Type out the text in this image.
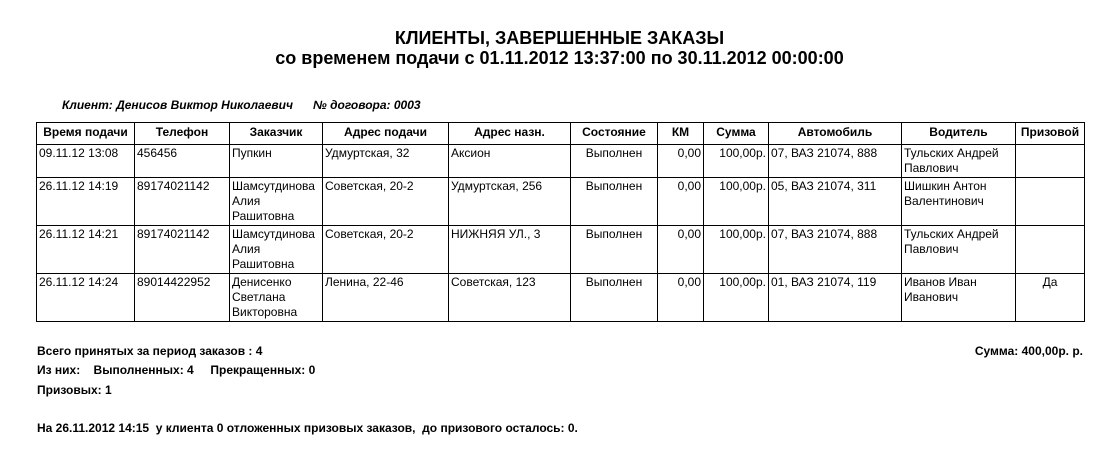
КЛИЕНТЫ, ЗАВЕРШЕННЫЕ ЗАКАЗЫ
со временем подачи с 01.11.2012 13:37:00 по 30.11.2012 00:00:00
Клиент: Денисов Виктор Николаевич № договора: 0003
Время подачи	Телефон	Заказчик	Адрес подачи	Адрес назн.	Состояние	КМ	Сумма	Автомобиль	Водитель	Призовой
09.11.12 13:08	456456	Пупкин	Удмуртская, 32	Аксион	Выполнен	0,00	100,00р.	07, ВАЗ 21074, 888	Тульских Андрей Павлович	
26.11.12 14:19	89174021142	Шамсутдинова Алия Рашитовна	Советская, 20-2	Удмуртская, 256	Выполнен	0,00	100,00р.	05, ВАЗ 21074, 311	Шишкин Антон Валентинович	
26.11.12 14:21	89174021142	Шамсутдинова Алия Рашитовна	Советская, 20-2	НИЖНЯЯ УЛ., 3	Выполнен	0,00	100,00р.	07, ВАЗ 21074, 888	Тульских Андрей Павлович	
26.11.12 14:24	89014422952	Денисенко Светлана Викторовна	Ленина, 22-46	Советская, 123	Выполнен	0,00	100,00р.	01, ВАЗ 21074, 119	Иванов Иван Иванович	Да
Всего принятых за период заказов : 4	Сумма: 400,00р. р.
Из них:    Выполненных: 4     Прекращенных: 0
Призовых: 1
На 26.11.2012 14:15  у клиента 0 отложенных призовых заказов,  до призового осталось: 0.
